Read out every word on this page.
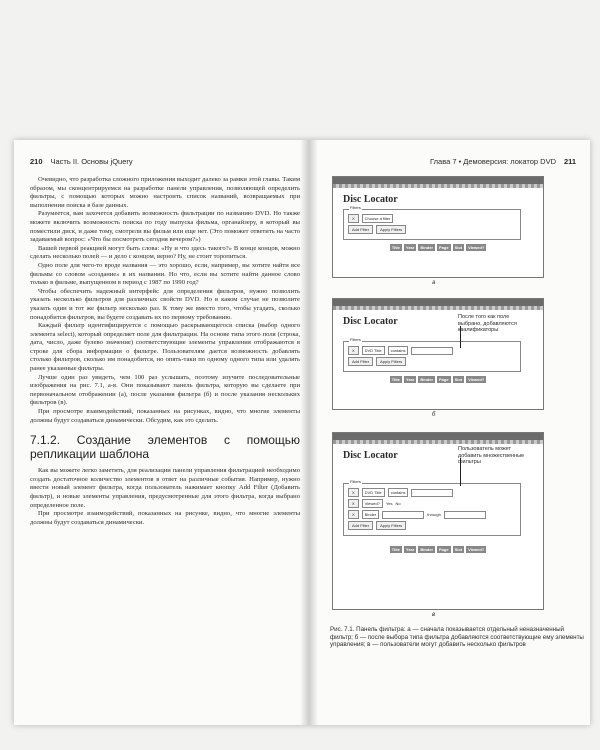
210 Часть II. Основы jQuery

Очевидно, что разработка сложного приложения выходит далеко за рамки этой главы. Таким образом, мы сконцентрируемся на разработке панели управления, позволяющей определить фильтры, с помощью которых можно настроить список названий, возвращаемых при выполнении поиска в базе данных.

Разумеется, вам захочется добавить возможность фильтрации по названию DVD. Но также можете включить возможность поиска по году выпуска фильма, органайзеру, в который вы поместили диск, и даже тому, смотрели вы фильм или еще нет. (Это поможет ответить на часто задаваемый вопрос: «Что бы посмотреть сегодня вечером?»)

Вашей первой реакцией могут быть слова: «Ну и что здесь такого?» В конце концов, можно сделать несколько полей — и дело с концом, верно? Ну, не стоит торопиться.

Одно поле для чего-то вроде названия — это хорошо, если, например, вы хотите найти все фильмы со словом «создание» в их названии. Но что, если вы хотите найти данное слово только в фильме, выпущенном в период с 1987 по 1990 год?

Чтобы обеспечить надежный интерфейс для определения фильтров, нужно позволить указать несколько фильтров для различных свойств DVD. Но в каком случае не позволите указать один и тот же фильтр несколько раз. К тому же вместо того, чтобы угадать, сколько понадобится фильтров, вы будете создавать их по первому требованию.

Каждый фильтр идентифицируется с помощью раскрывающегося списка (выбор одного элемента select), который определяет поле для фильтрации. На основе типа этого поля (строка, дата, число, даже булево значение) соответствующие элементы управления отображаются в строке для сбора информации о фильтре. Пользователям дается возможность добавлять столько фильтров, сколько им понадобится, но опять-таки по одному одного типа или удалять ранее указанные фильтры.

Лучше один раз увидеть, чем 100 раз услышать, поэтому изучите последовательные изображения на рис. 7.1, а-в. Они показывают панель фильтра, которую вы сделаете при первоначальном отображении (а), после указания фильтра (б) и после указания нескольких фильтров (в).

При просмотре взаимодействий, показанных на рисунках, видно, что многие элементы должны будут создаваться динамически. Обсудим, как это сделать.

7.1.2. Создание элементов с помощью репликации шаблона

Как вы можете легко заметить, для реализации панели управления фильтрацией необходимо создать достаточное количество элементов в ответ на различные события. Например, нужно ввести новый элемент фильтра, когда пользователь нажимает кнопку Add Filter (Добавить фильтр), и новые элементы управления, предусмотренные для этого фильтра, когда выбрано определенное поле.

При просмотре взаимодействий, показанных на рисунке, видно, что многие элементы должны будут создаваться динамически.

Глава 7 • Демоверсия: локатор DVD 211
Disc Locator
Filters
X	Choose a filter
Add Filter	Apply Filters
Title	Year	Binder	Page	Slot	Viewed?
а
Disc Locator
Filters
X	DVD Title	contains
Add Filter	Apply Filters
Title	Year	Binder	Page	Slot	Viewed?
После того как поле выбрано, добавляются квалификаторы
б
Disc Locator
Filters
X	DVD Title	contains
X	Viewed?	Yes No
X	Binder	through
Add Filter	Apply Filters
Title	Year	Binder	Page	Slot	Viewed?
Пользователь может добавить множественные фильтры
в
Рис. 7.1. Панель фильтра: а — сначала показывается отдельный неназначенный фильтр; б — после выбора типа фильтра добавляются соответствующие ему элементы управления; в — пользователи могут добавить несколько фильтров
